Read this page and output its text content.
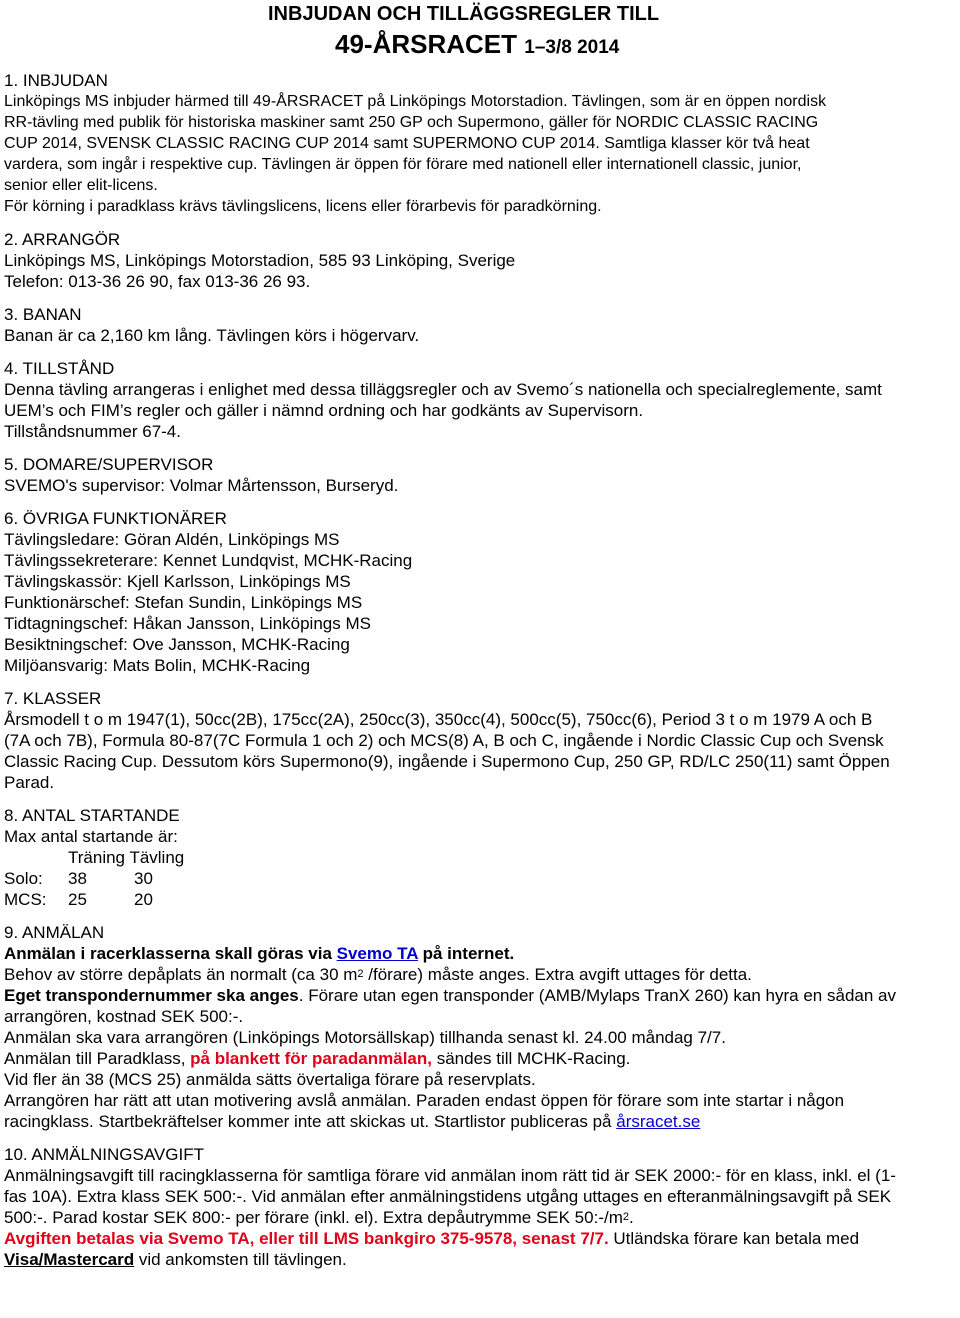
INBJUDAN OCH TILLÄGGSREGLER TILL
49-ÅRSRACET 1–3/8 2014
1. INBJUDAN
Linköpings MS inbjuder härmed till 49-ÅRSRACET på Linköpings Motorstadion. Tävlingen, som är en öppen nordisk
RR-tävling med publik för historiska maskiner samt 250 GP och Supermono, gäller för NORDIC CLASSIC RACING
CUP 2014, SVENSK CLASSIC RACING CUP 2014 samt SUPERMONO CUP 2014. Samtliga klasser kör två heat
vardera, som ingår i respektive cup. Tävlingen är öppen för förare med nationell eller internationell classic, junior,
senior eller elit-licens.
För körning i paradklass krävs tävlingslicens, licens eller förarbevis för paradkörning.
2. ARRANGÖR
Linköpings MS, Linköpings Motorstadion, 585 93 Linköping, Sverige
Telefon: 013-36 26 90, fax 013-36 26 93.
3. BANAN
Banan är ca 2,160 km lång. Tävlingen körs i högervarv.
4. TILLSTÅND
Denna tävling arrangeras i enlighet med dessa tilläggsregler och av Svemo´s nationella och specialreglemente, samt
UEM’s och FIM’s regler och gäller i nämnd ordning och har godkänts av Supervisorn.
Tillståndsnummer 67-4.
5. DOMARE/SUPERVISOR
SVEMO's supervisor: Volmar Mårtensson, Burseryd.
6. ÖVRIGA FUNKTIONÄRER
Tävlingsledare: Göran Aldén, Linköpings MS
Tävlingssekreterare: Kennet Lundqvist, MCHK-Racing
Tävlingskassör: Kjell Karlsson, Linköpings MS
Funktionärschef: Stefan Sundin, Linköpings MS
Tidtagningschef: Håkan Jansson, Linköpings MS
Besiktningschef: Ove Jansson, MCHK-Racing
Miljöansvarig: Mats Bolin, MCHK-Racing
7. KLASSER
Årsmodell t o m 1947(1), 50cc(2B), 175cc(2A), 250cc(3), 350cc(4), 500cc(5), 750cc(6), Period 3 t o m 1979 A och B
(7A och 7B), Formula 80-87(7C Formula 1 och 2) och MCS(8) A, B och C, ingående i Nordic Classic Cup och Svensk
Classic Racing Cup. Dessutom körs Supermono(9), ingående i Supermono Cup, 250 GP, RD/LC 250(11) samt Öppen
Parad.
8. ANTAL STARTANDE
Max antal startande är:
Träning Tävling
Solo: 38	30
MCS: 25	20
9. ANMÄLAN
Anmälan i racerklasserna skall göras via Svemo TA på internet.
Behov av större depåplats än normalt (ca 30 $m^2$ /förare) måste anges. Extra avgift uttages för detta.
Eget transpondernummer ska anges. Förare utan egen transponder (AMB/Mylaps TranX 260) kan hyra en sådan av
arrangören, kostnad SEK 500:-.
Anmälan ska vara arrangören (Linköpings Motorsällskap) tillhanda senast kl. 24.00 måndag 7/7.
Anmälan till Paradklass, på blankett för paradanmälan, sändes till MCHK-Racing.
Vid fler än 38 (MCS 25) anmälda sätts övertaliga förare på reservplats.
Arrangören har rätt att utan motivering avslå anmälan. Paraden endast öppen för förare som inte startar i någon
racingklass. Startbekräftelser kommer inte att skickas ut. Startlistor publiceras på årsracet.se
10. ANMÄLNINGSAVGIFT
Anmälningsavgift till racingklasserna för samtliga förare vid anmälan inom rätt tid är SEK 2000:- för en klass, inkl. el (1-
fas 10A). Extra klass SEK 500:-. Vid anmälan efter anmälningstidens utgång uttages en efteranmälningsavgift på SEK
500:-. Parad kostar SEK 800:- per förare (inkl. el). Extra depåutrymme SEK $50:-/m^2$.
Avgiften betalas via Svemo TA, eller till LMS bankgiro 375-9578, senast 7/7. Utländska förare kan betala med
Visa/Mastercard vid ankomsten till tävlingen.
